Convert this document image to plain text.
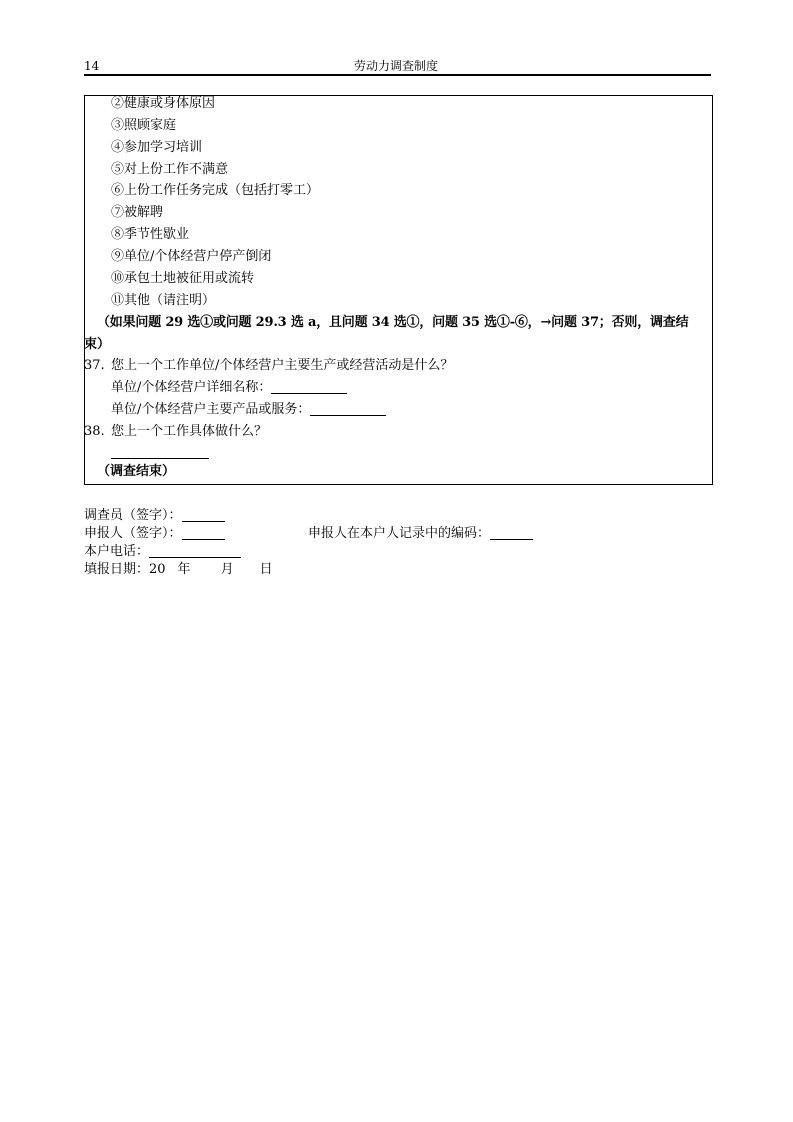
14	劳动力调查制度
②健康或身体原因
③照顾家庭
④参加学习培训
⑤对上份工作不满意
⑥上份工作任务完成（包括打零工）
⑦被解聘
⑧季节性歇业
⑨单位/个体经营户停产倒闭
⑩承包土地被征用或流转
⑪其他（请注明）
（如果问题 29 选①或问题 29.3 选 a，且问题 34 选①，问题 35 选①-⑥，→问题 37；否则，调查结
束）
37. 您上一个工作单位/个体经营户主要生产或经营活动是什么？
单位/个体经营户详细名称：
单位/个体经营户主要产品或服务：
38. 您上一个工作具体做什么？
（调查结束）
调查员（签字）：
申报人（签字）：	申报人在本户人记录中的编码：
本户电话：
填报日期：20 年 月 日
